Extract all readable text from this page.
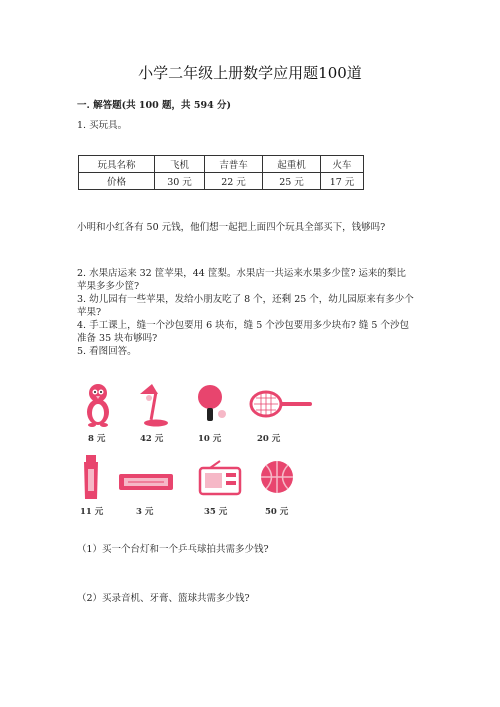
小学二年级上册数学应用题100道
一. 解答题(共 100 题，共 594 分)
1. 买玩具。
玩具名称	飞机	吉普车	起重机	火车
价格	30 元	22 元	25 元	17 元
小明和小红各有 50 元钱，他们想一起把上面四个玩具全部买下，钱够吗?
2. 水果店运来 32 筐苹果，44 筐梨。水果店一共运来水果多少筐? 运来的梨比
苹果多多少筐?
3. 幼儿园有一些苹果，发给小朋友吃了 8 个，还剩 25 个，幼儿园原来有多少个
苹果?
4. 手工课上，缝一个沙包要用 6 块布，缝 5 个沙包要用多少块布? 缝 5 个沙包
准备 35 块布够吗?
5. 看图回答。
8 元	42 元	10 元	20 元
11 元	3 元	35 元	50 元
（1）买一个台灯和一个乒乓球拍共需多少钱?
（2）买录音机、牙膏、篮球共需多少钱?
